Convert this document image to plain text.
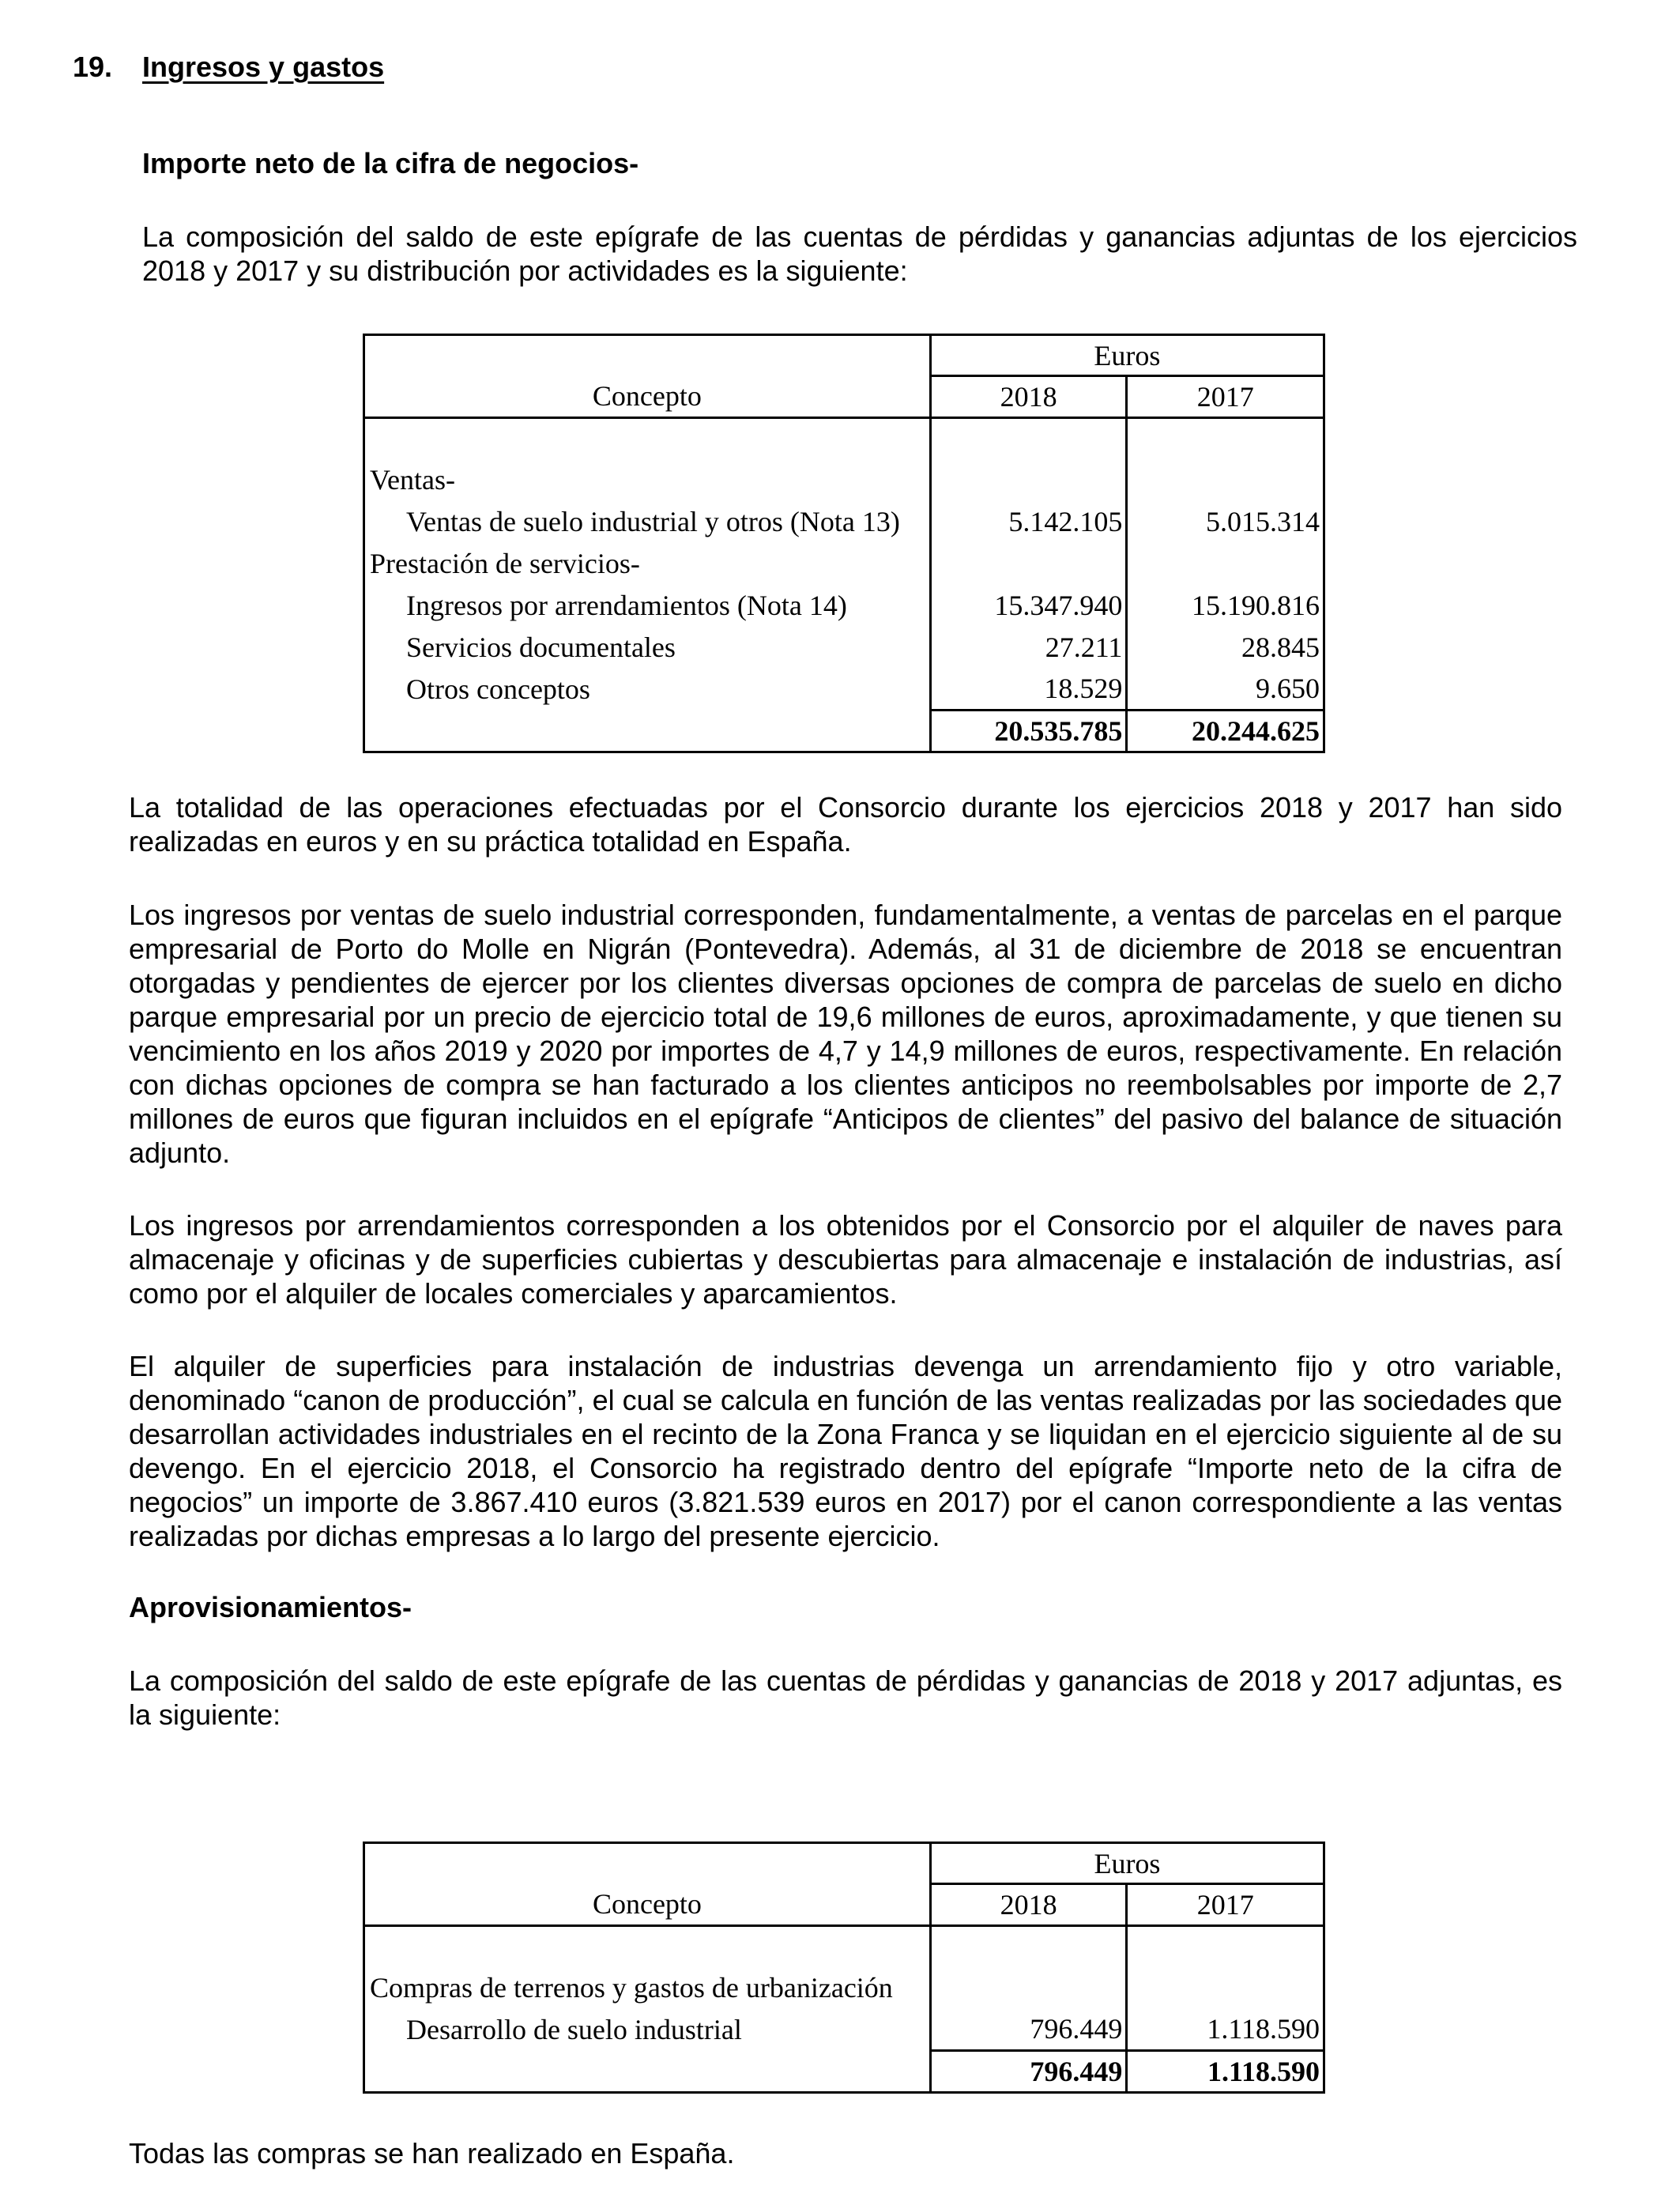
19. Ingresos y gastos
Importe neto de la cifra de negocios-
La composición del saldo de este epígrafe de las cuentas de pérdidas y ganancias adjuntas de los ejercicios 2018 y 2017 y su distribución por actividades es la siguiente:
	Euros	
Concepto	2018	2017

Ventas-		
Ventas de suelo industrial y otros (Nota 13)	5.142.105	5.015.314
Prestación de servicios-		
Ingresos por arrendamientos (Nota 14)	15.347.940	15.190.816
Servicios documentales	27.211	28.845
Otros conceptos	18.529	9.650
	20.535.785	20.244.625
La totalidad de las operaciones efectuadas por el Consorcio durante los ejercicios 2018 y 2017 han sido realizadas en euros y en su práctica totalidad en España.
Los ingresos por ventas de suelo industrial corresponden, fundamentalmente, a ventas de parcelas en el parque empresarial de Porto do Molle en Nigrán (Pontevedra). Además, al 31 de diciembre de 2018 se encuentran otorgadas y pendientes de ejercer por los clientes diversas opciones de compra de parcelas de suelo en dicho parque empresarial por un precio de ejercicio total de 19,6 millones de euros, aproximadamente, y que tienen su vencimiento en los años 2019 y 2020 por importes de 4,7 y 14,9 millones de euros, respectivamente. En relación con dichas opciones de compra se han facturado a los clientes anticipos no reembolsables por importe de 2,7 millones de euros que figuran incluidos en el epígrafe “Anticipos de clientes” del pasivo del balance de situación adjunto.
Los ingresos por arrendamientos corresponden a los obtenidos por el Consorcio por el alquiler de naves para almacenaje y oficinas y de superficies cubiertas y descubiertas para almacenaje e instalación de industrias, así como por el alquiler de locales comerciales y aparcamientos.
El alquiler de superficies para instalación de industrias devenga un arrendamiento fijo y otro variable, denominado “canon de producción”, el cual se calcula en función de las ventas realizadas por las sociedades que desarrollan actividades industriales en el recinto de la Zona Franca y se liquidan en el ejercicio siguiente al de su devengo. En el ejercicio 2018, el Consorcio ha registrado dentro del epígrafe “Importe neto de la cifra de negocios” un importe de 3.867.410 euros (3.821.539 euros en 2017) por el canon correspondiente a las ventas realizadas por dichas empresas a lo largo del presente ejercicio.
Aprovisionamientos-
La composición del saldo de este epígrafe de las cuentas de pérdidas y ganancias de 2018 y 2017 adjuntas, es la siguiente:
	Euros	
Concepto	2018	2017

Compras de terrenos y gastos de urbanización		
Desarrollo de suelo industrial	796.449	1.118.590
	796.449	1.118.590
Todas las compras se han realizado en España.
